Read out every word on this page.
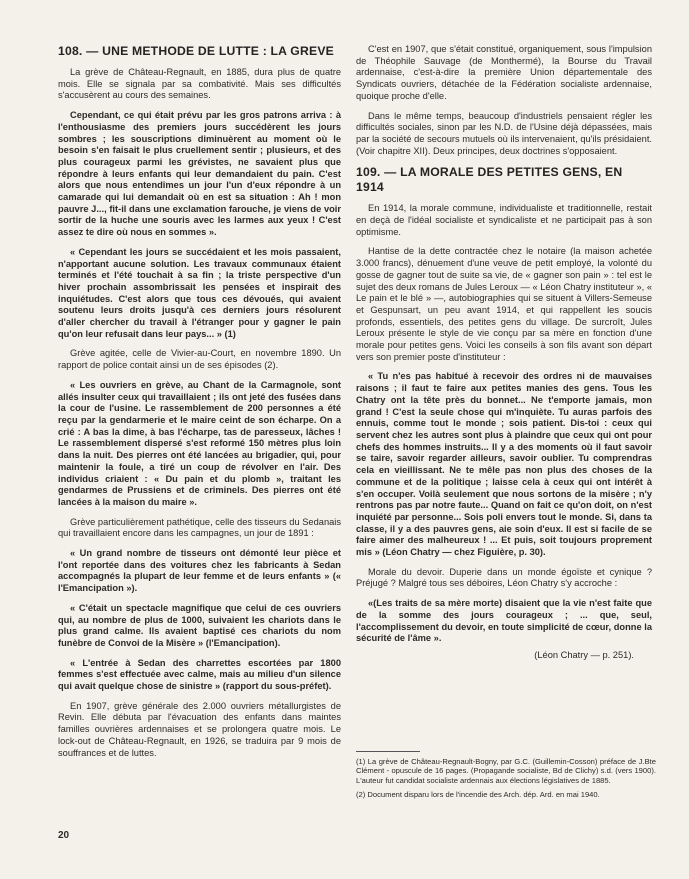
108. — UNE METHODE DE LUTTE : LA GREVE

La grève de Château-Regnault, en 1885, dura plus de quatre mois. Elle se signala par sa combativité. Mais ses difficultés s'accusèrent au cours des semaines.

Cependant, ce qui était prévu par les gros patrons arriva : à l'enthousiasme des premiers jours succédèrent les jours sombres ; les souscriptions diminuèrent au moment où le besoin s'en faisait le plus cruellement sentir ; plusieurs, et des plus courageux parmi les grévistes, ne savaient plus que répondre à leurs enfants qui leur demandaient du pain. C'est alors que nous entendîmes un jour l'un d'eux répondre à un camarade qui lui demandait où en est sa situation : Ah ! mon pauvre J..., fit-il dans une exclamation farouche, je viens de voir sortir de la huche une souris avec les larmes aux yeux ! C'est assez te dire où nous en sommes ».

« Cependant les jours se succédaient et les mois passaient, n'apportant aucune solution. Les travaux communaux étaient terminés et l'été touchait à sa fin ; la triste perspective d'un hiver prochain assombrissait les pensées et inspirait des inquiétudes. C'est alors que tous ces dévoués, qui avaient soutenu leurs droits jusqu'à ces derniers jours résolurent d'aller chercher du travail à l'étranger pour y gagner le pain qu'on leur refusait dans leur pays... » (1)

Grève agitée, celle de Vivier-au-Court, en novembre 1890. Un rapport de police contait ainsi un de ses épisodes (2).

« Les ouvriers en grève, au Chant de la Carmagnole, sont allés insulter ceux qui travaillaient ; ils ont jeté des fusées dans la cour de l'usine. Le rassemblement de 200 personnes a été reçu par la gendarmerie et le maire ceint de son écharpe. On a crié : A bas la dime, à bas l'écharpe, tas de paresseux, lâches ! Le rassemblement dispersé s'est reformé 150 mètres plus loin dans la nuit. Des pierres ont été lancées au brigadier, qui, pour maintenir la foule, a tiré un coup de révolver en l'air. Des individus criaient : « Du pain et du plomb », traitant les gendarmes de Prussiens et de criminels. Des pierres ont été lancées à la maison du maire ».

Grève particulièrement pathétique, celle des tisseurs du Sedanais qui travaillaient encore dans les campagnes, un jour de 1891 :

« Un grand nombre de tisseurs ont démonté leur pièce et l'ont reportée dans des voitures chez les fabricants à Sedan accompagnés la plupart de leur femme et de leurs enfants » (« l'Emancipation »).

« C'était un spectacle magnifique que celui de ces ouvriers qui, au nombre de plus de 1000, suivaient les chariots dans le plus grand calme. Ils avaient baptisé ces chariots du nom funèbre de Convoi de la Misère » (l'Emancipation).

« L'entrée à Sedan des charrettes escortées par 1800 femmes s'est effectuée avec calme, mais au milieu d'un silence qui avait quelque chose de sinistre » (rapport du sous-préfet).

En 1907, grève générale des 2.000 ouvriers métallurgistes de Revin. Elle débuta par l'évacuation des enfants dans maintes familles ouvrières ardennaises et se prolongera quatre mois. Le lock-out de Château-Regnault, en 1926, se traduira par 9 mois de souffrances et de luttes.

C'est en 1907, que s'était constitué, organiquement, sous l'impulsion de Théophile Sauvage (de Monthermé), la Bourse du Travail ardennaise, c'est-à-dire la première Union départementale des Syndicats ouvriers, détachée de la Fédération socialiste ardennaise, quoique proche d'elle.

Dans le même temps, beaucoup d'industriels pensaient régler les difficultés sociales, sinon par les N.D. de l'Usine déjà dépassées, mais par la société de secours mutuels où ils intervenaient, qu'ils présidaient. (Voir chapitre XII). Deux principes, deux doctrines s'opposaient.

109. — LA MORALE DES PETITES GENS, EN 1914

En 1914, la morale commune, individualiste et traditionnelle, restait en deçà de l'idéal socialiste et syndicaliste et ne participait pas à son optimisme.

Hantise de la dette contractée chez le notaire (la maison achetée 3.000 francs), dénuement d'une veuve de petit employé, la volonté du gosse de gagner tout de suite sa vie, de « gagner son pain » : tel est le sujet des deux romans de Jules Leroux — « Léon Chatry instituteur », « Le pain et le blé » —, autobiographies qui se situent à Villers-Semeuse et Gespunsart, un peu avant 1914, et qui rappellent les soucis profonds, essentiels, des petites gens du village. De surcroît, Jules Leroux présente le style de vie conçu par sa mère en fonction d'une morale pour petites gens. Voici les conseils à son fils avant son départ vers son premier poste d'instituteur :

« Tu n'es pas habitué à recevoir des ordres ni de mauvaises raisons ; il faut te faire aux petites manies des gens. Tous les Chatry ont la tête près du bonnet... Ne t'emporte jamais, mon grand ! C'est la seule chose qui m'inquiète. Tu auras parfois des ennuis, comme tout le monde ; sois patient. Dis-toi : ceux qui servent chez les autres sont plus à plaindre que ceux qui ont pour chefs des hommes instruits... Il y a des moments où il faut savoir se taire, savoir regarder ailleurs, savoir oublier. Tu comprendras cela en vieillissant. Ne te mêle pas non plus des choses de la commune et de la politique ; laisse cela à ceux qui ont intérêt à s'en occuper. Voilà seulement que nous sortons de la misère ; n'y rentrons pas par notre faute... Quand on fait ce qu'on doit, on n'est inquiété par personne... Sois poli envers tout le monde. Si, dans ta classe, il y a des pauvres gens, aie soin d'eux. Il est si facile de se faire aimer des malheureux ! ... Et puis, soit toujours proprement mis » (Léon Chatry — chez Figuière, p. 30).

Morale du devoir. Duperie dans un monde égoïste et cynique ? Préjugé ? Malgré tous ses déboires, Léon Chatry s'y accroche :

«(Les traits de sa mère morte) disaient que la vie n'est faite que de la somme des jours courageux ; ... que, seul, l'accomplissement du devoir, en toute simplicité de cœur, donne la sécurité de l'âme ».

(Léon Chatry — p. 251).

(1) La grève de Château-Regnault-Bogny, par G.C. (Guillemin-Cosson) préface de J.Bte Clément - opuscule de 16 pages. (Propagande socialiste, Bd de Clichy) s.d. (vers 1900). L'auteur fut candidat socialiste ardennais aux élections législatives de 1885.

(2) Document disparu lors de l'incendie des Arch. dép. Ard. en mai 1940.

20
